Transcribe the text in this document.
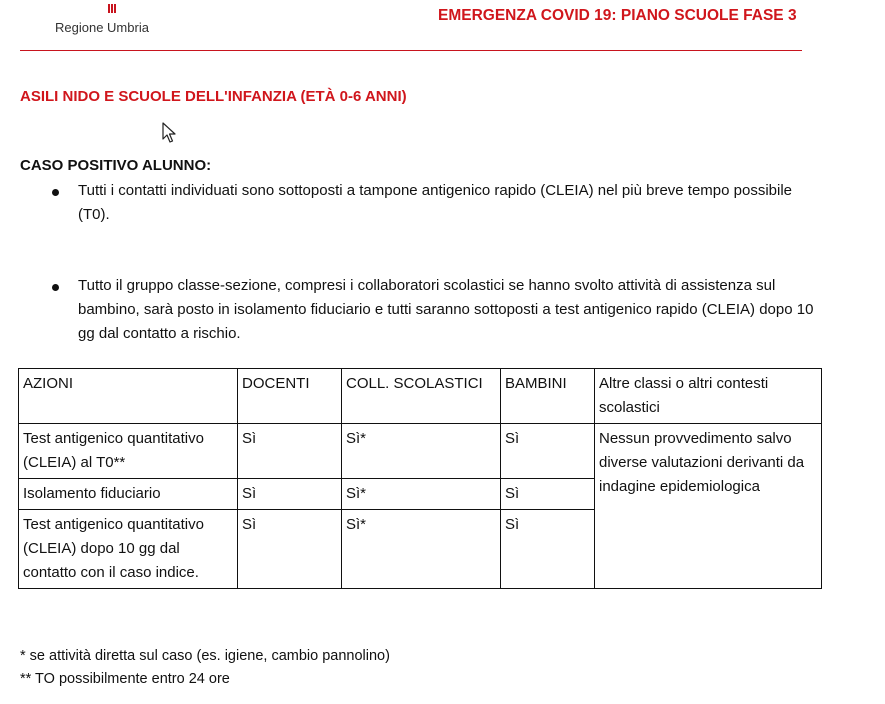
Regione Umbria
EMERGENZA COVID 19: PIANO SCUOLE FASE 3
ASILI NIDO E SCUOLE DELL'INFANZIA (ETÀ 0-6 ANNI)
CASO POSITIVO ALUNNO:
Tutti i contatti individuati sono sottoposti a tampone antigenico rapido (CLEIA) nel più breve tempo possibile (T0).
Tutto il gruppo classe-sezione, compresi i collaboratori scolastici se hanno svolto attività di assistenza sul bambino, sarà posto in isolamento fiduciario e tutti saranno sottoposti a test antigenico rapido (CLEIA) dopo 10 gg dal contatto a rischio.
AZIONI	DOCENTI	COLL. SCOLASTICI	BAMBINI	Altre classi o altri contesti scolastici
Test antigenico quantitativo (CLEIA) al T0**	Sì	Sì*	Sì	Nessun provvedimento salvo diverse valutazioni derivanti da indagine epidemiologica
Isolamento fiduciario	Sì	Sì*	Sì	
Test antigenico quantitativo (CLEIA) dopo 10 gg dal contatto con il caso indice.	Sì	Sì*	Sì	
* se attività diretta sul caso (es. igiene, cambio pannolino)
** TO possibilmente entro 24 ore
